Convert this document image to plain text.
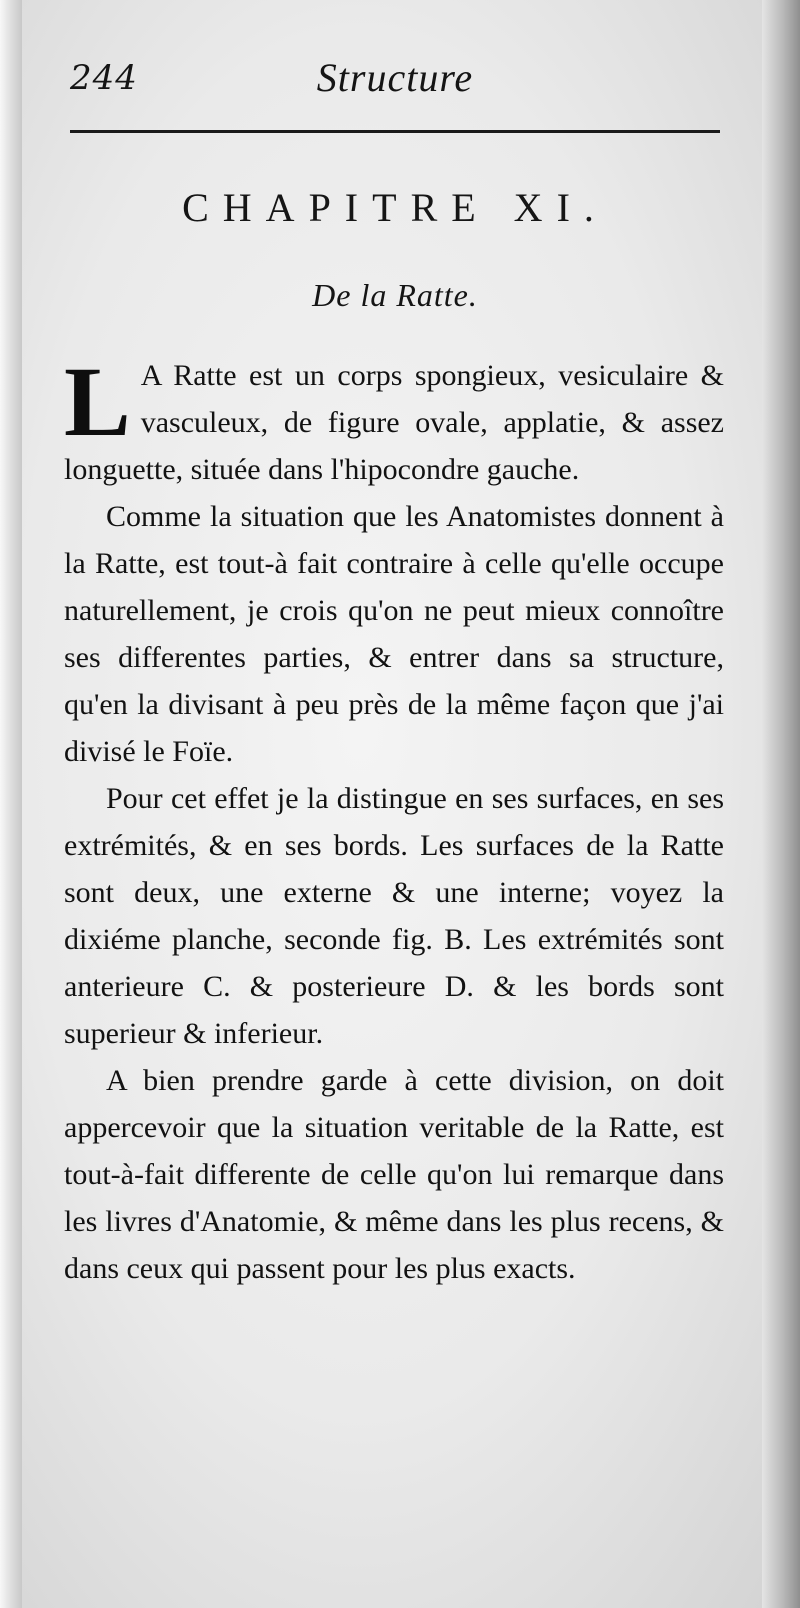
244	Structure
CHAPITRE XI.
De la Ratte.

L A Ratte est un corps spongieux, vesiculaire & vasculeux, de figure ovale, applatie, & assez longuette, située dans l'hipocondre gauche.

Comme la situation que les Anatomistes donnent à la Ratte, est tout-à fait contraire à celle qu'elle occupe naturellement, je crois qu'on ne peut mieux connoître ses differentes parties, & entrer dans sa structure, qu'en la divisant à peu près de la même façon que j'ai divisé le Foïe.

Pour cet effet je la distingue en ses surfaces, en ses extrémités, & en ses bords. Les surfaces de la Ratte sont deux, une externe & une interne; voyez la dixiéme planche, seconde fig. B. Les extrémités sont anterieure C. & posterieure D. & les bords sont superieur & inferieur.

A bien prendre garde à cette division, on doit appercevoir que la situation veritable de la Ratte, est tout-à-fait differente de celle qu'on lui remarque dans les livres d'Anatomie, & même dans les plus recens, & dans ceux qui passent pour les plus exacts.
